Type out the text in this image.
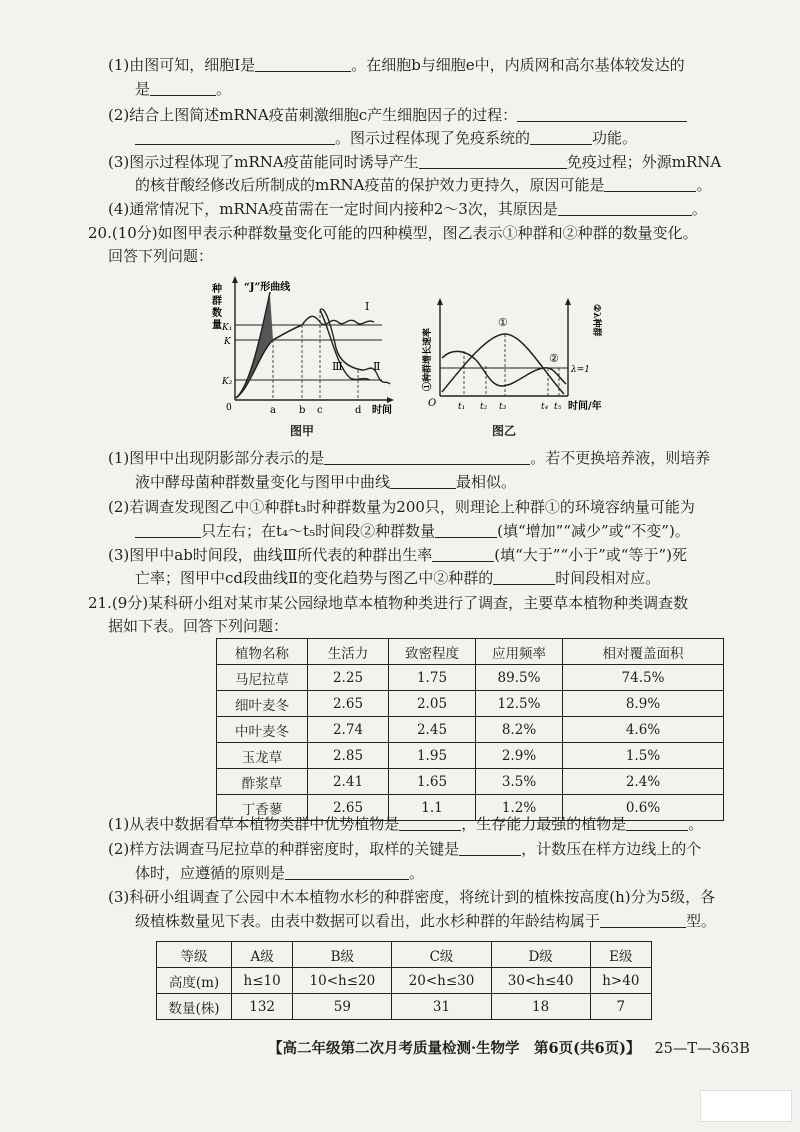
(1)由图可知，细胞Ⅰ是	。在细胞b与细胞e中，内质网和高尔基体较发达的
是	。
(2)结合上图简述mRNA疫苗刺激细胞c产生细胞因子的过程：
。图示过程体现了免疫系统的	功能。
(3)图示过程体现了mRNA疫苗能同时诱导产生	免疫过程；外源mRNA
的核苷酸经修改后所制成的mRNA疫苗的保护效力更持久，原因可能是	。
(4)通常情况下，mRNA疫苗需在一定时间内接种2～3次，其原因是	。
20.(10分)如图甲表示种群数量变化可能的四种模型，图乙表示①种群和②种群的数量变化。
回答下列问题：
种
群
数
量
“J”形曲线
K₁
K
K₂
0	a b c	d 时间
Ⅰ
Ⅱ
Ⅲ
图甲
①
②
λ=1
O t₁ t₂ t₃	t₄ t₅ 时间/年
①种群增长速率
②λ种群
图乙
(1)图甲中出现阴影部分表示的是	。若不更换培养液，则培养
液中酵母菌种群数量变化与图甲中曲线	最相似。
(2)若调查发现图乙中①种群t₃时种群数量为200只，则理论上种群①的环境容纳量可能为
只左右；在t₄～t₅时间段②种群数量	(填“增加”“减少”或“不变”)。
(3)图甲中ab时间段，曲线Ⅲ所代表的种群出生率	(填“大于”“小于”或“等于”)死
亡率；图甲中cd段曲线Ⅱ的变化趋势与图乙中②种群的	时间段相对应。
21.(9分)某科研小组对某市某公园绿地草本植物种类进行了调查，主要草本植物种类调查数
据如下表。回答下列问题：
植物名称	生活力	致密程度	应用频率	相对覆盖面积
马尼拉草	2.25	1.75	89.5%	74.5%
细叶麦冬	2.65	2.05	12.5%	8.9%
中叶麦冬	2.74	2.45	8.2%	4.6%
玉龙草	2.85	1.95	2.9%	1.5%
酢浆草	2.41	1.65	3.5%	2.4%
丁香蓼	2.65	1.1	1.2%	0.6%
(1)从表中数据看草本植物类群中优势植物是	，生存能力最强的植物是	。
(2)样方法调查马尼拉草的种群密度时，取样的关键是	，计数压在样方边线上的个
体时，应遵循的原则是	。
(3)科研小组调查了公园中木本植物水杉的种群密度，将统计到的植株按高度(h)分为5级，各
级植株数量见下表。由表中数据可以看出，此水杉种群的年龄结构属于	型。
等级	A级	B级	C级	D级	E级
高度(m)	h≤10	10<h≤20	20<h≤30	30<h≤40	h>40
数量(株)	132	59	31	18	7
【高二年级第二次月考质量检测·生物学　第6页(共6页)】 25—T—363B
